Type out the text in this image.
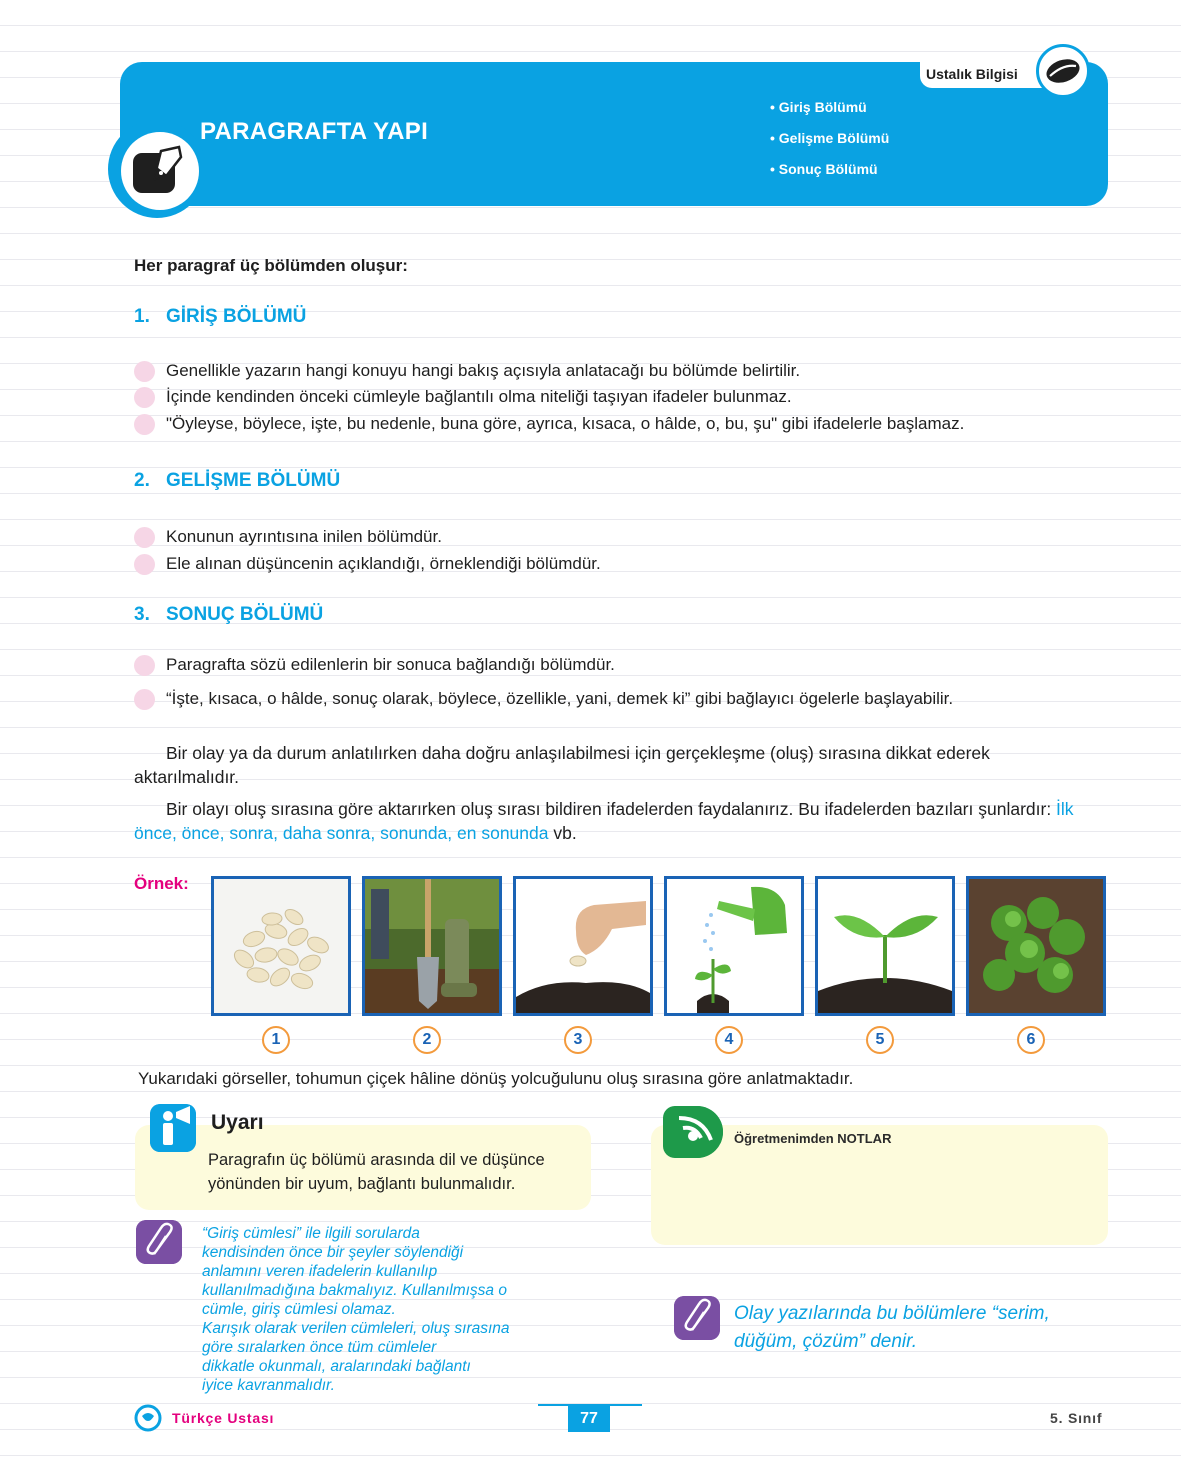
PARAGRAFTA YAPI
Ustalık Bilgisi
• Giriş Bölümü
• Gelişme Bölümü
• Sonuç Bölümü
Her paragraf üç bölümden oluşur:
1. GİRİŞ BÖLÜMÜ
Genellikle yazarın hangi konuyu hangi bakış açısıyla anlatacağı bu bölümde belirtilir.
İçinde kendinden önceki cümleyle bağlantılı olma niteliği taşıyan ifadeler bulunmaz.
"Öyleyse, böylece, işte, bu nedenle, buna göre, ayrıca, kısaca, o hâlde, o, bu, şu" gibi ifadelerle başlamaz.
2. GELİŞME BÖLÜMÜ
Konunun ayrıntısına inilen bölümdür.
Ele alınan düşüncenin açıklandığı, örneklendiği bölümdür.
3. SONUÇ BÖLÜMÜ
Paragrafta sözü edilenlerin bir sonuca bağlandığı bölümdür.
“İşte, kısaca, o hâlde, sonuç olarak, böylece, özellikle, yani, demek ki” gibi bağlayıcı ögelerle başlayabilir.

Bir olay ya da durum anlatılırken daha doğru anlaşılabilmesi için gerçekleşme (oluş) sırasına dikkat ederek aktarılmalıdır.

Bir olayı oluş sırasına göre aktarırken oluş sırası bildiren ifadelerden faydalanırız. Bu ifadelerden bazıları şunlardır: İlk önce, önce, sonra, daha sonra, sonunda, en sonunda vb.

Örnek:
1	2	3	4	5	6
Yukarıdaki görseller, tohumun çiçek hâline dönüş yolcuğulunu oluş sırasına göre anlatmaktadır.
Uyarı
Paragrafın üç bölümü arasında dil ve düşünce yönünden bir uyum, bağlantı bulunmalıdır.
“Giriş cümlesi” ile ilgili sorularda
kendisinden önce bir şeyler söylendiği
anlamını veren ifadelerin kullanılıp
kullanılmadığına bakmalıyız. Kullanılmışsa o
cümle, giriş cümlesi olamaz.
Karışık olarak verilen cümleleri, oluş sırasına
göre sıralarken önce tüm cümleler
dikkatle okunmalı, aralarındaki bağlantı
iyice kavranmalıdır.
Öğretmenimden NOTLAR
Olay yazılarında bu bölümlere “serim,
düğüm, çözüm” denir.
Türkçe Ustası	77	5. Sınıf
